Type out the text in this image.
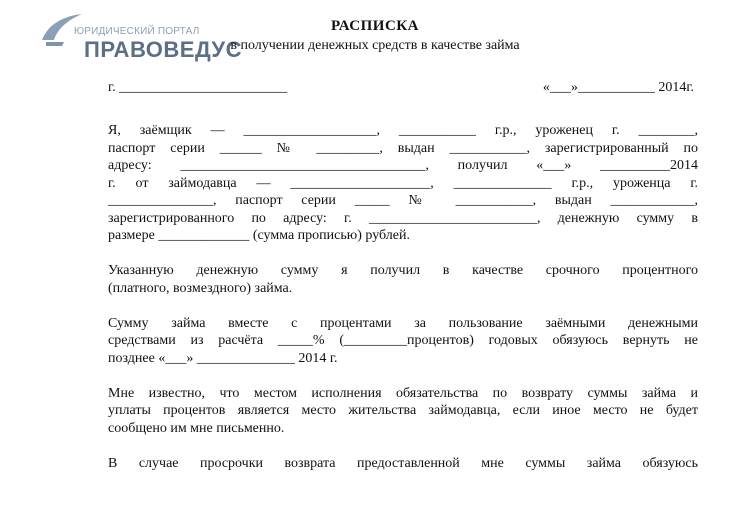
ЮРИДИЧЕСКИЙ ПОРТАЛ
ПРАВОВЕДУС
РАСПИСКА
в получении денежных средств в качестве займа
г. ________________________	«___»___________ 2014г.
Я, заёмщик — ___________________, ___________ г.р., уроженец г. ________,
паспорт серии ______ № _________, выдан ___________, зарегистрированный по
адресу: ___________________________________, получил «___» __________2014
г. от займодавца — ____________________, ______________ г.р., уроженца г.
_______________, паспорт серии _____ № ___________, выдан ____________,
зарегистрированного по адресу: г. ________________________, денежную сумму в
размере _____________ (сумма прописью) рублей.
Указанную денежную сумму я получил в качестве срочного процентного
(платного, возмездного) займа.
Сумму займа вместе с процентами за пользование заёмными денежными
средствами из расчёта _____% (_________процентов) годовых обязуюсь вернуть не
позднее «___» ______________ 2014 г.
Мне известно, что местом исполнения обязательства по возврату суммы займа и
уплаты процентов является место жительства займодавца, если иное место не будет
сообщено им мне письменно.
В случае просрочки возврата предоставленной мне суммы займа обязуюсь
